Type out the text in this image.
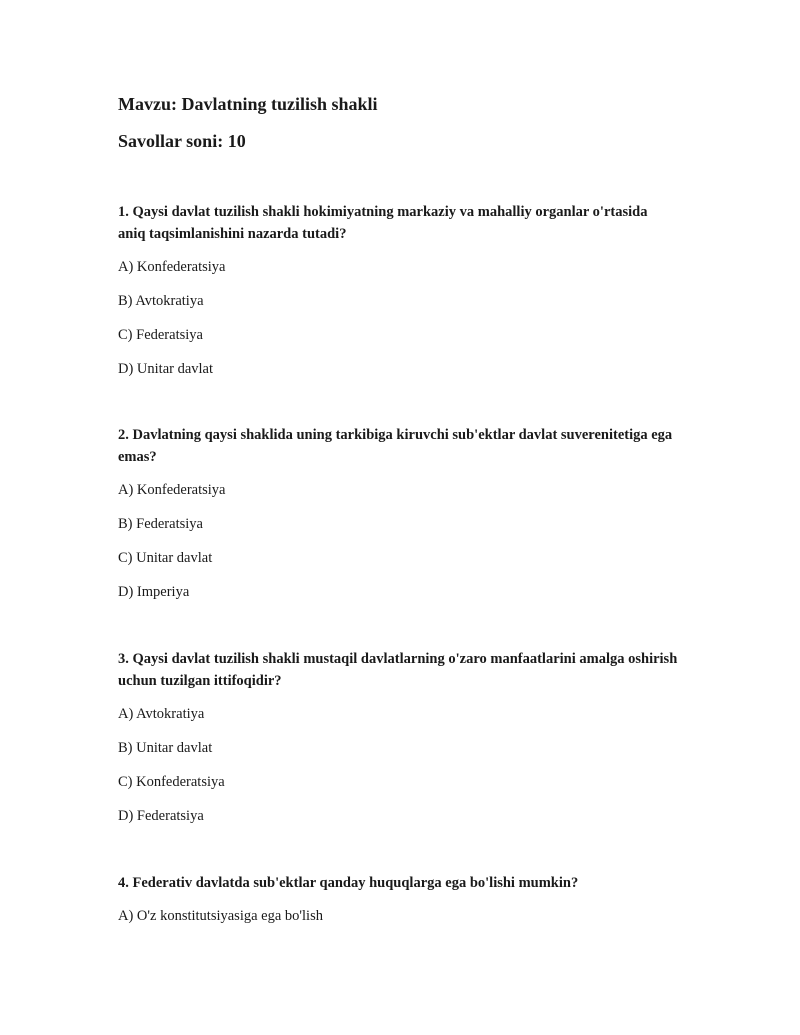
Mavzu: Davlatning tuzilish shakli
Savollar soni: 10

1. Qaysi davlat tuzilish shakli hokimiyatning markaziy va mahalliy organlar o'rtasida aniq taqsimlanishini nazarda tutadi?

A) Konfederatsiya

B) Avtokratiya

C) Federatsiya

D) Unitar davlat

2. Davlatning qaysi shaklida uning tarkibiga kiruvchi sub'ektlar davlat suverenitetiga ega emas?

A) Konfederatsiya

B) Federatsiya

C) Unitar davlat

D) Imperiya

3. Qaysi davlat tuzilish shakli mustaqil davlatlarning o'zaro manfaatlarini amalga oshirish uchun tuzilgan ittifoqidir?

A) Avtokratiya

B) Unitar davlat

C) Konfederatsiya

D) Federatsiya

4. Federativ davlatda sub'ektlar qanday huquqlarga ega bo'lishi mumkin?

A) O'z konstitutsiyasiga ega bo'lish
